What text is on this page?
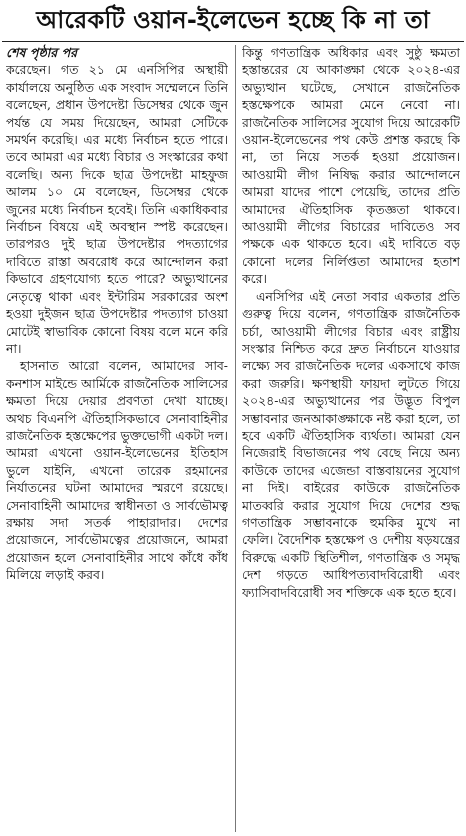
আরেকটি ওয়ান-ইলেভেন হচ্ছে কি না তা
শেষ পৃষ্ঠার পর

করেছেন। গত ২১ মে এনসিপির অস্থায়ী কার্যালয়ে অনুষ্ঠিত এক সংবাদ সম্মেলনে তিনি বলেছেন, প্রধান উপদেষ্টা ডিসেম্বর থেকে জুন পর্যন্ত যে সময় দিয়েছেন, আমরা সেটিকে সমর্থন করেছি। এর মধ্যে নির্বাচন হতে পারে। তবে আমরা এর মধ্যে বিচার ও সংস্কারের কথা বলেছি। অন্য দিকে ছাত্র উপদেষ্টা মাহফুজ আলম ১০ মে বলেছেন, ডিসেম্বর থেকে জুনের মধ্যে নির্বাচন হবেই। তিনি একাধিকবার নির্বাচন বিষয়ে এই অবস্থান স্পষ্ট করেছেন। তারপরও দুই ছাত্র উপদেষ্টার পদত্যাগের দাবিতে রাস্তা অবরোধ করে আন্দোলন করা কিভাবে গ্রহণযোগ্য হতে পারে? অভ্যুত্থানের নেতৃত্বে থাকা এবং ইন্টারিম সরকারের অংশ হওয়া দুইজন ছাত্র উপদেষ্টার পদত্যাগ চাওয়া মোটেই স্বাভাবিক কোনো বিষয় বলে মনে করি না।

হাসনাত আরো বলেন, আমাদের সাব-কনশাস মাইন্ডে আর্মিকে রাজনৈতিক সালিসের ক্ষমতা দিয়ে দেয়ার প্রবণতা দেখা যাচ্ছে। অথচ বিএনপি ঐতিহাসিকভাবে সেনাবাহিনীর রাজনৈতিক হস্তক্ষেপের ভুক্তভোগী একটা দল। আমরা এখনো ওয়ান-ইলেভেনের ইতিহাস ভুলে যাইনি, এখনো তারেক রহমানের নির্যাতনের ঘটনা আমাদের স্মরণে রয়েছে। সেনাবাহিনী আমাদের স্বাধীনতা ও সার্বভৌমত্ব রক্ষায় সদা সতর্ক পাহারাদার। দেশের প্রয়োজনে, সার্বভৌমত্বের প্রয়োজনে, আমরা প্রয়োজন হলে সেনাবাহিনীর সাথে কাঁধে কাঁধ মিলিয়ে লড়াই করব।

কিন্তু গণতান্ত্রিক অধিকার এবং সুষ্ঠু ক্ষমতা হস্তান্তরের যে আকাঙ্ক্ষা থেকে ২০২৪-এর অভ্যুত্থান ঘটেছে, সেখানে রাজনৈতিক হস্তক্ষেপকে আমরা মেনে নেবো না। রাজনৈতিক সালিসের সুযোগ দিয়ে আরেকটি ওয়ান-ইলেভেনের পথ কেউ প্রশস্ত করছে কি না, তা নিয়ে সতর্ক হওয়া প্রয়োজন। আওয়ামী লীগ নিষিদ্ধ করার আন্দোলনে আমরা যাদের পাশে পেয়েছি, তাদের প্রতি আমাদের ঐতিহাসিক কৃতজ্ঞতা থাকবে। আওয়ামী লীগের বিচারের দাবিতেও সব পক্ষকে এক থাকতে হবে। এই দাবিতে বড় কোনো দলের নির্লিপ্ততা আমাদের হতাশ করে।

এনসিপির এই নেতা সবার একতার প্রতি গুরুত্ব দিয়ে বলেন, গণতান্ত্রিক রাজনৈতিক চর্চা, আওয়ামী লীগের বিচার এবং রাষ্ট্রীয় সংস্কার নিশ্চিত করে দ্রুত নির্বাচনে যাওয়ার লক্ষ্যে সব রাজনৈতিক দলের একসাথে কাজ করা জরুরি। ক্ষণস্থায়ী ফায়দা লুটতে গিয়ে ২০২৪-এর অভ্যুত্থানের পর উদ্ভূত বিপুল সম্ভাবনার জনআকাঙ্ক্ষাকে নষ্ট করা হলে, তা হবে একটি ঐতিহাসিক ব্যর্থতা। আমরা যেন নিজেরাই বিভাজনের পথ বেছে নিয়ে অন্য কাউকে তাদের এজেন্ডা বাস্তবায়নের সুযোগ না দিই। বাইরের কাউকে রাজনৈতিক মাতব্বরি করার সুযোগ দিয়ে দেশের শুদ্ধ গণতান্ত্রিক সম্ভাবনাকে হুমকির মুখে না ফেলি। বৈদেশিক হস্তক্ষেপ ও দেশীয় ষড়যন্ত্রের বিরুদ্ধে একটি স্থিতিশীল, গণতান্ত্রিক ও সমৃদ্ধ দেশ গড়তে আধিপত্যবাদবিরোধী এবং ফ্যাসিবাদবিরোধী সব শক্তিকে এক হতে হবে।
